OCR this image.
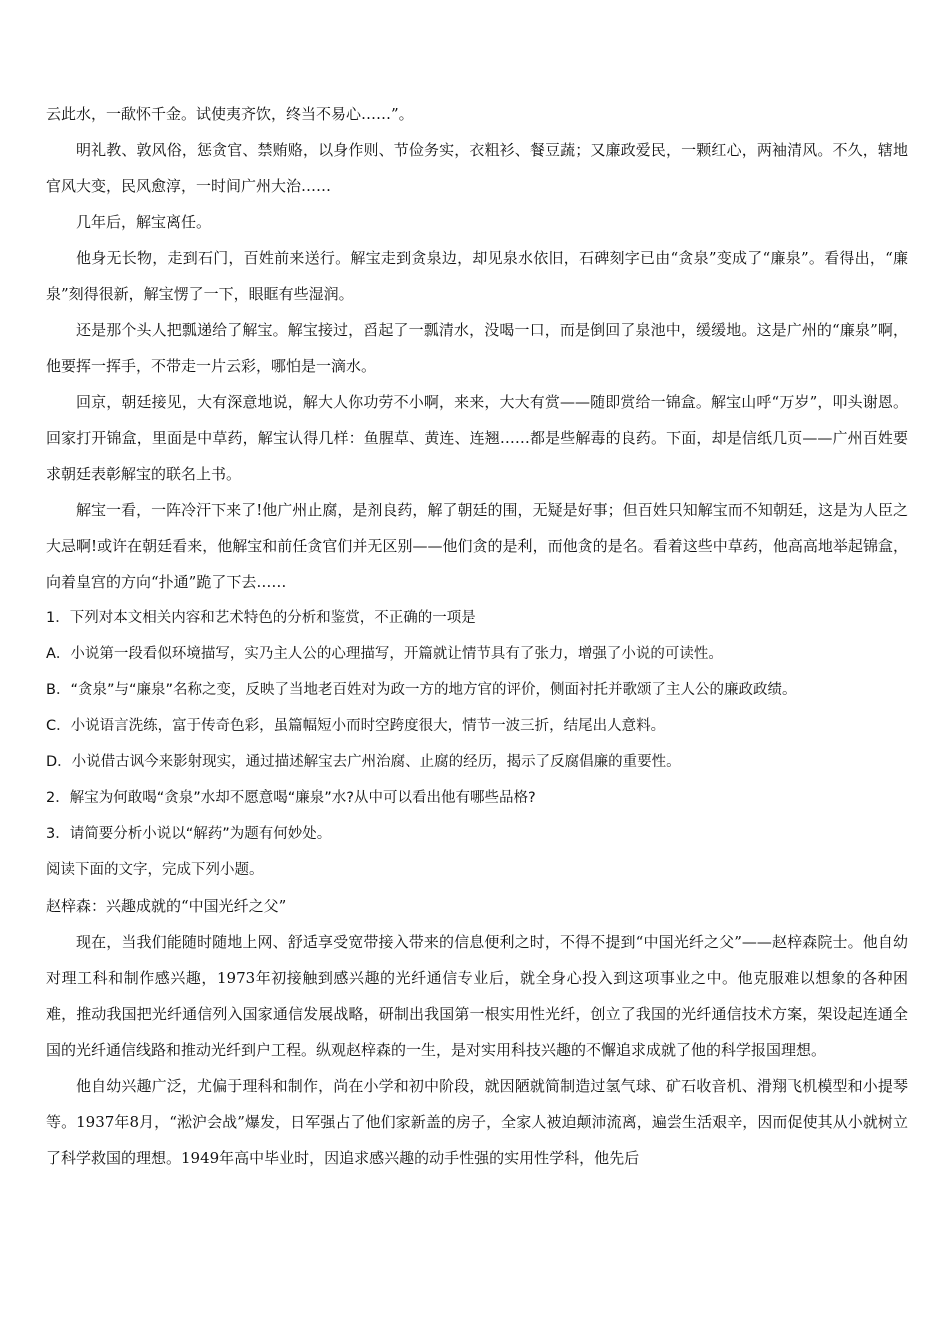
云此水，一歃怀千金。试使夷齐饮，终当不易心……”。

明礼教、敦风俗，惩贪官、禁贿赂，以身作则、节俭务实，衣粗衫、餐豆蔬；又廉政爱民，一颗红心，两袖清风。不久，辖地官风大变，民风愈淳，一时间广州大治……

几年后，解宝离任。

他身无长物，走到石门，百姓前来送行。解宝走到贪泉边，却见泉水依旧，石碑刻字已由“贪泉”变成了“廉泉”。看得出，“廉泉”刻得很新，解宝愣了一下，眼眶有些湿润。

还是那个头人把瓢递给了解宝。解宝接过，舀起了一瓢清水，没喝一口，而是倒回了泉池中，缓缓地。这是广州的“廉泉”啊，他要挥一挥手，不带走一片云彩，哪怕是一滴水。

回京，朝廷接见，大有深意地说，解大人你功劳不小啊，来来，大大有赏——随即赏给一锦盒。解宝山呼“万岁”，叩头谢恩。回家打开锦盒，里面是中草药，解宝认得几样：鱼腥草、黄连、连翘……都是些解毒的良药。下面，却是信纸几页——广州百姓要求朝廷表彰解宝的联名上书。

解宝一看，一阵冷汗下来了!他广州止腐，是剂良药，解了朝廷的围，无疑是好事；但百姓只知解宝而不知朝廷，这是为人臣之大忌啊!或许在朝廷看来，他解宝和前任贪官们并无区别——他们贪的是利，而他贪的是名。看着这些中草药，他高高地举起锦盒，向着皇宫的方向“扑通”跪了下去……

1．下列对本文相关内容和艺术特色的分析和鉴赏，不正确的一项是

A．小说第一段看似环境描写，实乃主人公的心理描写，开篇就让情节具有了张力，增强了小说的可读性。

B．“贪泉”与“廉泉”名称之变，反映了当地老百姓对为政一方的地方官的评价，侧面衬托并歌颂了主人公的廉政政绩。

C．小说语言洗练，富于传奇色彩，虽篇幅短小而时空跨度很大，情节一波三折，结尾出人意料。

D．小说借古讽今来影射现实，通过描述解宝去广州治腐、止腐的经历，揭示了反腐倡廉的重要性。

2．解宝为何敢喝“贪泉”水却不愿意喝“廉泉”水?从中可以看出他有哪些品格?

3．请简要分析小说以“解药”为题有何妙处。

阅读下面的文字，完成下列小题。

赵梓森：兴趣成就的“中国光纤之父”

现在，当我们能随时随地上网、舒适享受宽带接入带来的信息便利之时，不得不提到“中国光纤之父”——赵梓森院士。他自幼对理工科和制作感兴趣，1973年初接触到感兴趣的光纤通信专业后，就全身心投入到这项事业之中。他克服难以想象的各种困难，推动我国把光纤通信列入国家通信发展战略，研制出我国第一根实用性光纤，创立了我国的光纤通信技术方案，架设起连通全国的光纤通信线路和推动光纤到户工程。纵观赵梓森的一生，是对实用科技兴趣的不懈追求成就了他的科学报国理想。

他自幼兴趣广泛，尤偏于理科和制作，尚在小学和初中阶段，就因陋就简制造过氢气球、矿石收音机、滑翔飞机模型和小提琴等。1937年8月，“淞沪会战”爆发，日军强占了他们家新盖的房子，全家人被迫颠沛流离，遍尝生活艰辛，因而促使其从小就树立了科学救国的理想。1949年高中毕业时，因追求感兴趣的动手性强的实用性学科，他先后
